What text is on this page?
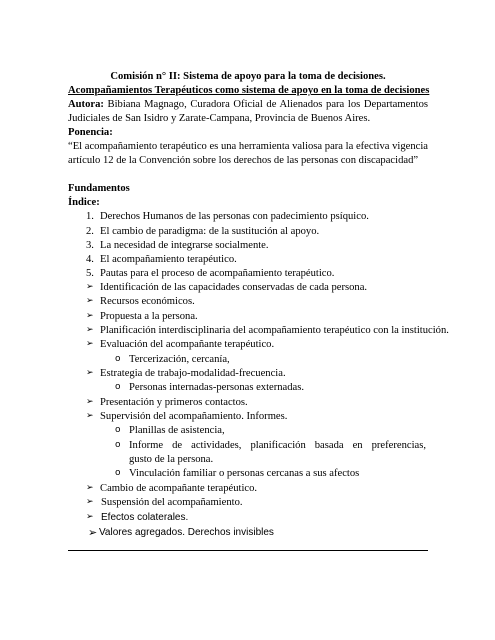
Comisión n° II: Sistema de apoyo para la toma de decisiones.
Acompañamientos Terapéuticos como sistema de apoyo en la toma de decisiones
Autora: Bibiana Magnago, Curadora Oficial de Alienados para los Departamentos
Judiciales de San Isidro y Zarate-Campana, Provincia de Buenos Aires.
Ponencia:
“El acompañamiento terapéutico es una herramienta valiosa para la efectiva vigencia
artículo 12 de la Convención sobre los derechos de las personas con discapacidad”
Fundamentos
Índice:
1. Derechos Humanos de las personas con padecimiento psíquico.
2. El cambio de paradigma: de la sustitución al apoyo.
3. La necesidad de integrarse socialmente.
4. El acompañamiento terapéutico.
5. Pautas para el proceso de acompañamiento terapéutico.
➢ Identificación de las capacidades conservadas de cada persona.
➢ Recursos económicos.
➢ Propuesta a la persona.
➢ Planificación interdisciplinaria del acompañamiento terapéutico con la institución.
➢ Evaluación del acompañante terapéutico.
o Tercerización, cercanía,
➢ Estrategia de trabajo-modalidad-frecuencia.
o Personas internadas-personas externadas.
➢ Presentación y primeros contactos.
➢ Supervisión del acompañamiento. Informes.
o Planillas de asistencia,
o Informe de actividades, planificación basada en preferencias,
gusto de la persona.
o Vinculación familiar o personas cercanas a sus afectos
➢ Cambio de acompañante terapéutico.
➢ Suspensión del acompañamiento.
➢ Efectos colaterales.
➢ Valores agregados. Derechos invisibles
